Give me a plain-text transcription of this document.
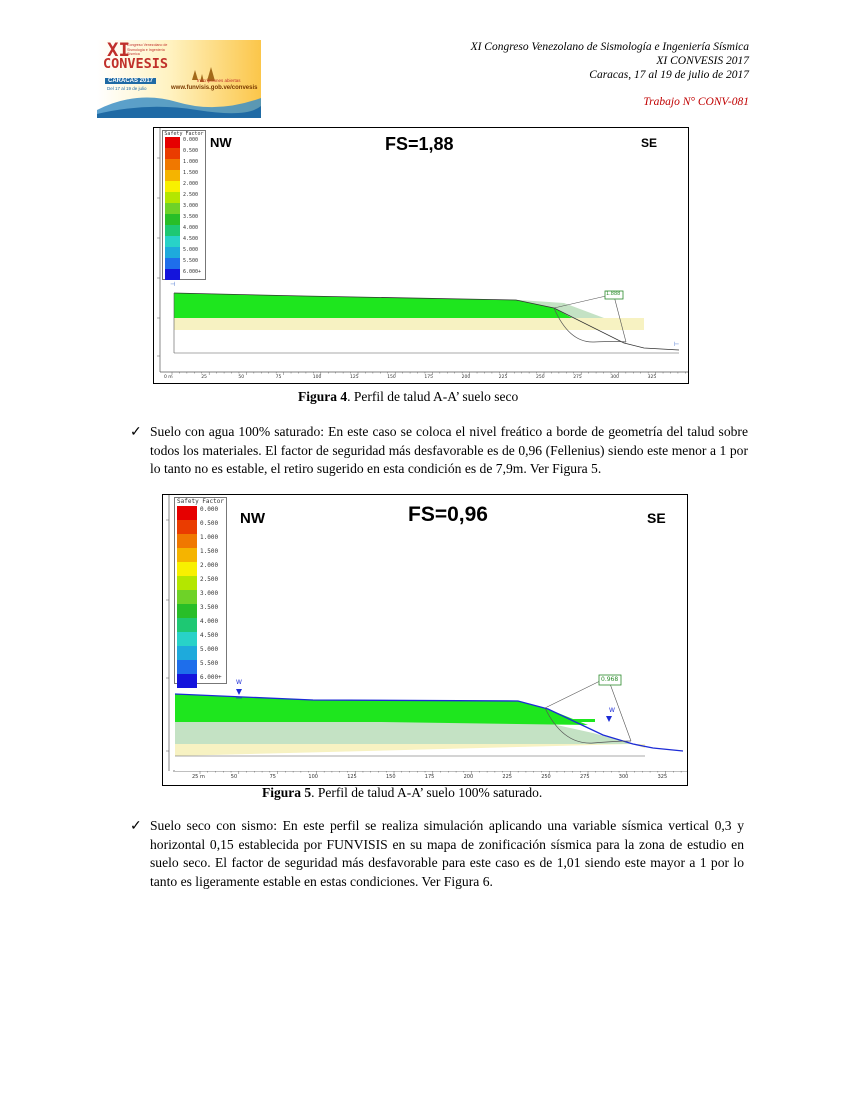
XI
Congreso Venezolano de Sismología e Ingeniería Sísmica
CONVESIS
CARACAS 2017
Del 17 al 19 de julio
Inscripciones abiertas
www.funvisis.gob.ve/convesis
XI Congreso Venezolano de Sismología e Ingeniería Sísmica
XI CONVESIS 2017
Caracas, 17 al 19 de julio de 2017
Trabajo N° CONV-081
⊣
⊢
1.888
NW	FS=1,88	SE
Safety Factor
0.000
0.500
1.000
1.500
2.000
2.500
3.000
3.500
4.000
4.500
5.000
5.500
6.000+
0 m	25	50	75	100	125	150	175	200	225	250	275	300	325
Figura 4. Perfil de talud A-A’ suelo seco
✓ Suelo con agua 100% saturado: En este caso se coloca el nivel freático a borde de geometría del talud sobre todos los materiales. El factor de seguridad más desfavorable es de 0,96 (Fellenius) siendo este menor a 1 por lo tanto no es estable, el retiro sugerido en esta condición es de 7,9m. Ver Figura 5.
0.968
W
W
NW	FS=0,96	SE
Safety Factor
0.000
0.500
1.000
1.500
2.000
2.500
3.000
3.500
4.000
4.500
5.000
5.500
6.000+
25 m	50	75	100	125	150	175	200	225	250	275	300	325
Figura 5. Perfil de talud A-A’ suelo 100% saturado.
✓ Suelo seco con sismo: En este perfil se realiza simulación aplicando una variable sísmica vertical 0,3 y horizontal 0,15 establecida por FUNVISIS en su mapa de zonificación sísmica para la zona de estudio en suelo seco. El factor de seguridad más desfavorable para este caso es de 1,01 siendo este mayor a 1 por lo tanto es ligeramente estable en estas condiciones. Ver Figura 6.
